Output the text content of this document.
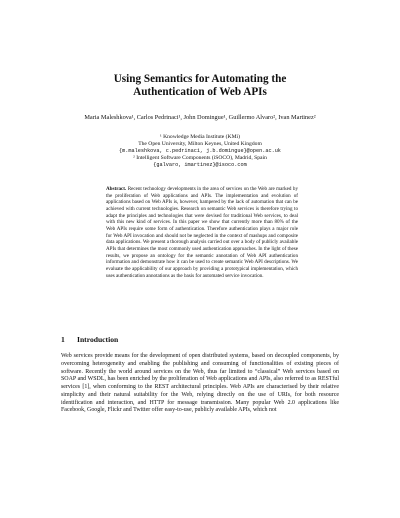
Using Semantics for Automating the
Authentication of Web APIs
Maria Maleshkova¹, Carlos Pedrinaci¹, John Domingue¹, Guillermo Alvaro², Ivan Martinez²
¹ Knowledge Media Institute (KMi)
The Open University, Milton Keynes, United Kingdom
{m.maleshkova, c.pedrinaci, j.b.domingue}@open.ac.uk
² Intelligent Software Components (iSOCO), Madrid, Spain
{galvaro, imartinez}@isoco.com
Abstract. Recent technology developments in the area of services on the Web are marked by the proliferation of Web applications and APIs. The implementation and evolution of applications based on Web APIs is, however, hampered by the lack of automation that can be achieved with current technologies. Research on semantic Web services is therefore trying to adapt the principles and technologies that were devised for traditional Web services, to deal with this new kind of services. In this paper we show that currently more than 80% of the Web APIs require some form of authentication. Therefore authentication plays a major role for Web API invocation and should not be neglected in the context of mashups and composite data applications. We present a thorough analysis carried out over a body of publicly available APIs that determines the most commonly used authentication approaches. In the light of these results, we propose an ontology for the semantic annotation of Web API authentication information and demonstrate how it can be used to create semantic Web API descriptions. We evaluate the applicability of our approach by providing a prototypical implementation, which uses authentication annotations as the basis for automated service invocation.
1 Introduction
Web services provide means for the development of open distributed systems, based on decoupled components, by overcoming heterogeneity and enabling the publishing and consuming of functionalities of existing pieces of software. Recently the world around services on the Web, thus far limited to “classical” Web services based on SOAP and WSDL, has been enriched by the proliferation of Web applications and APIs, also referred to as RESTful services [1], when conforming to the REST architectural principles. Web APIs are characterised by their relative simplicity and their natural suitability for the Web, relying directly on the use of URIs, for both resource identification and interaction, and HTTP for message transmission. Many popular Web 2.0 applications like Facebook, Google, Flickr and Twitter offer easy-to-use, publicly available APIs, which not
